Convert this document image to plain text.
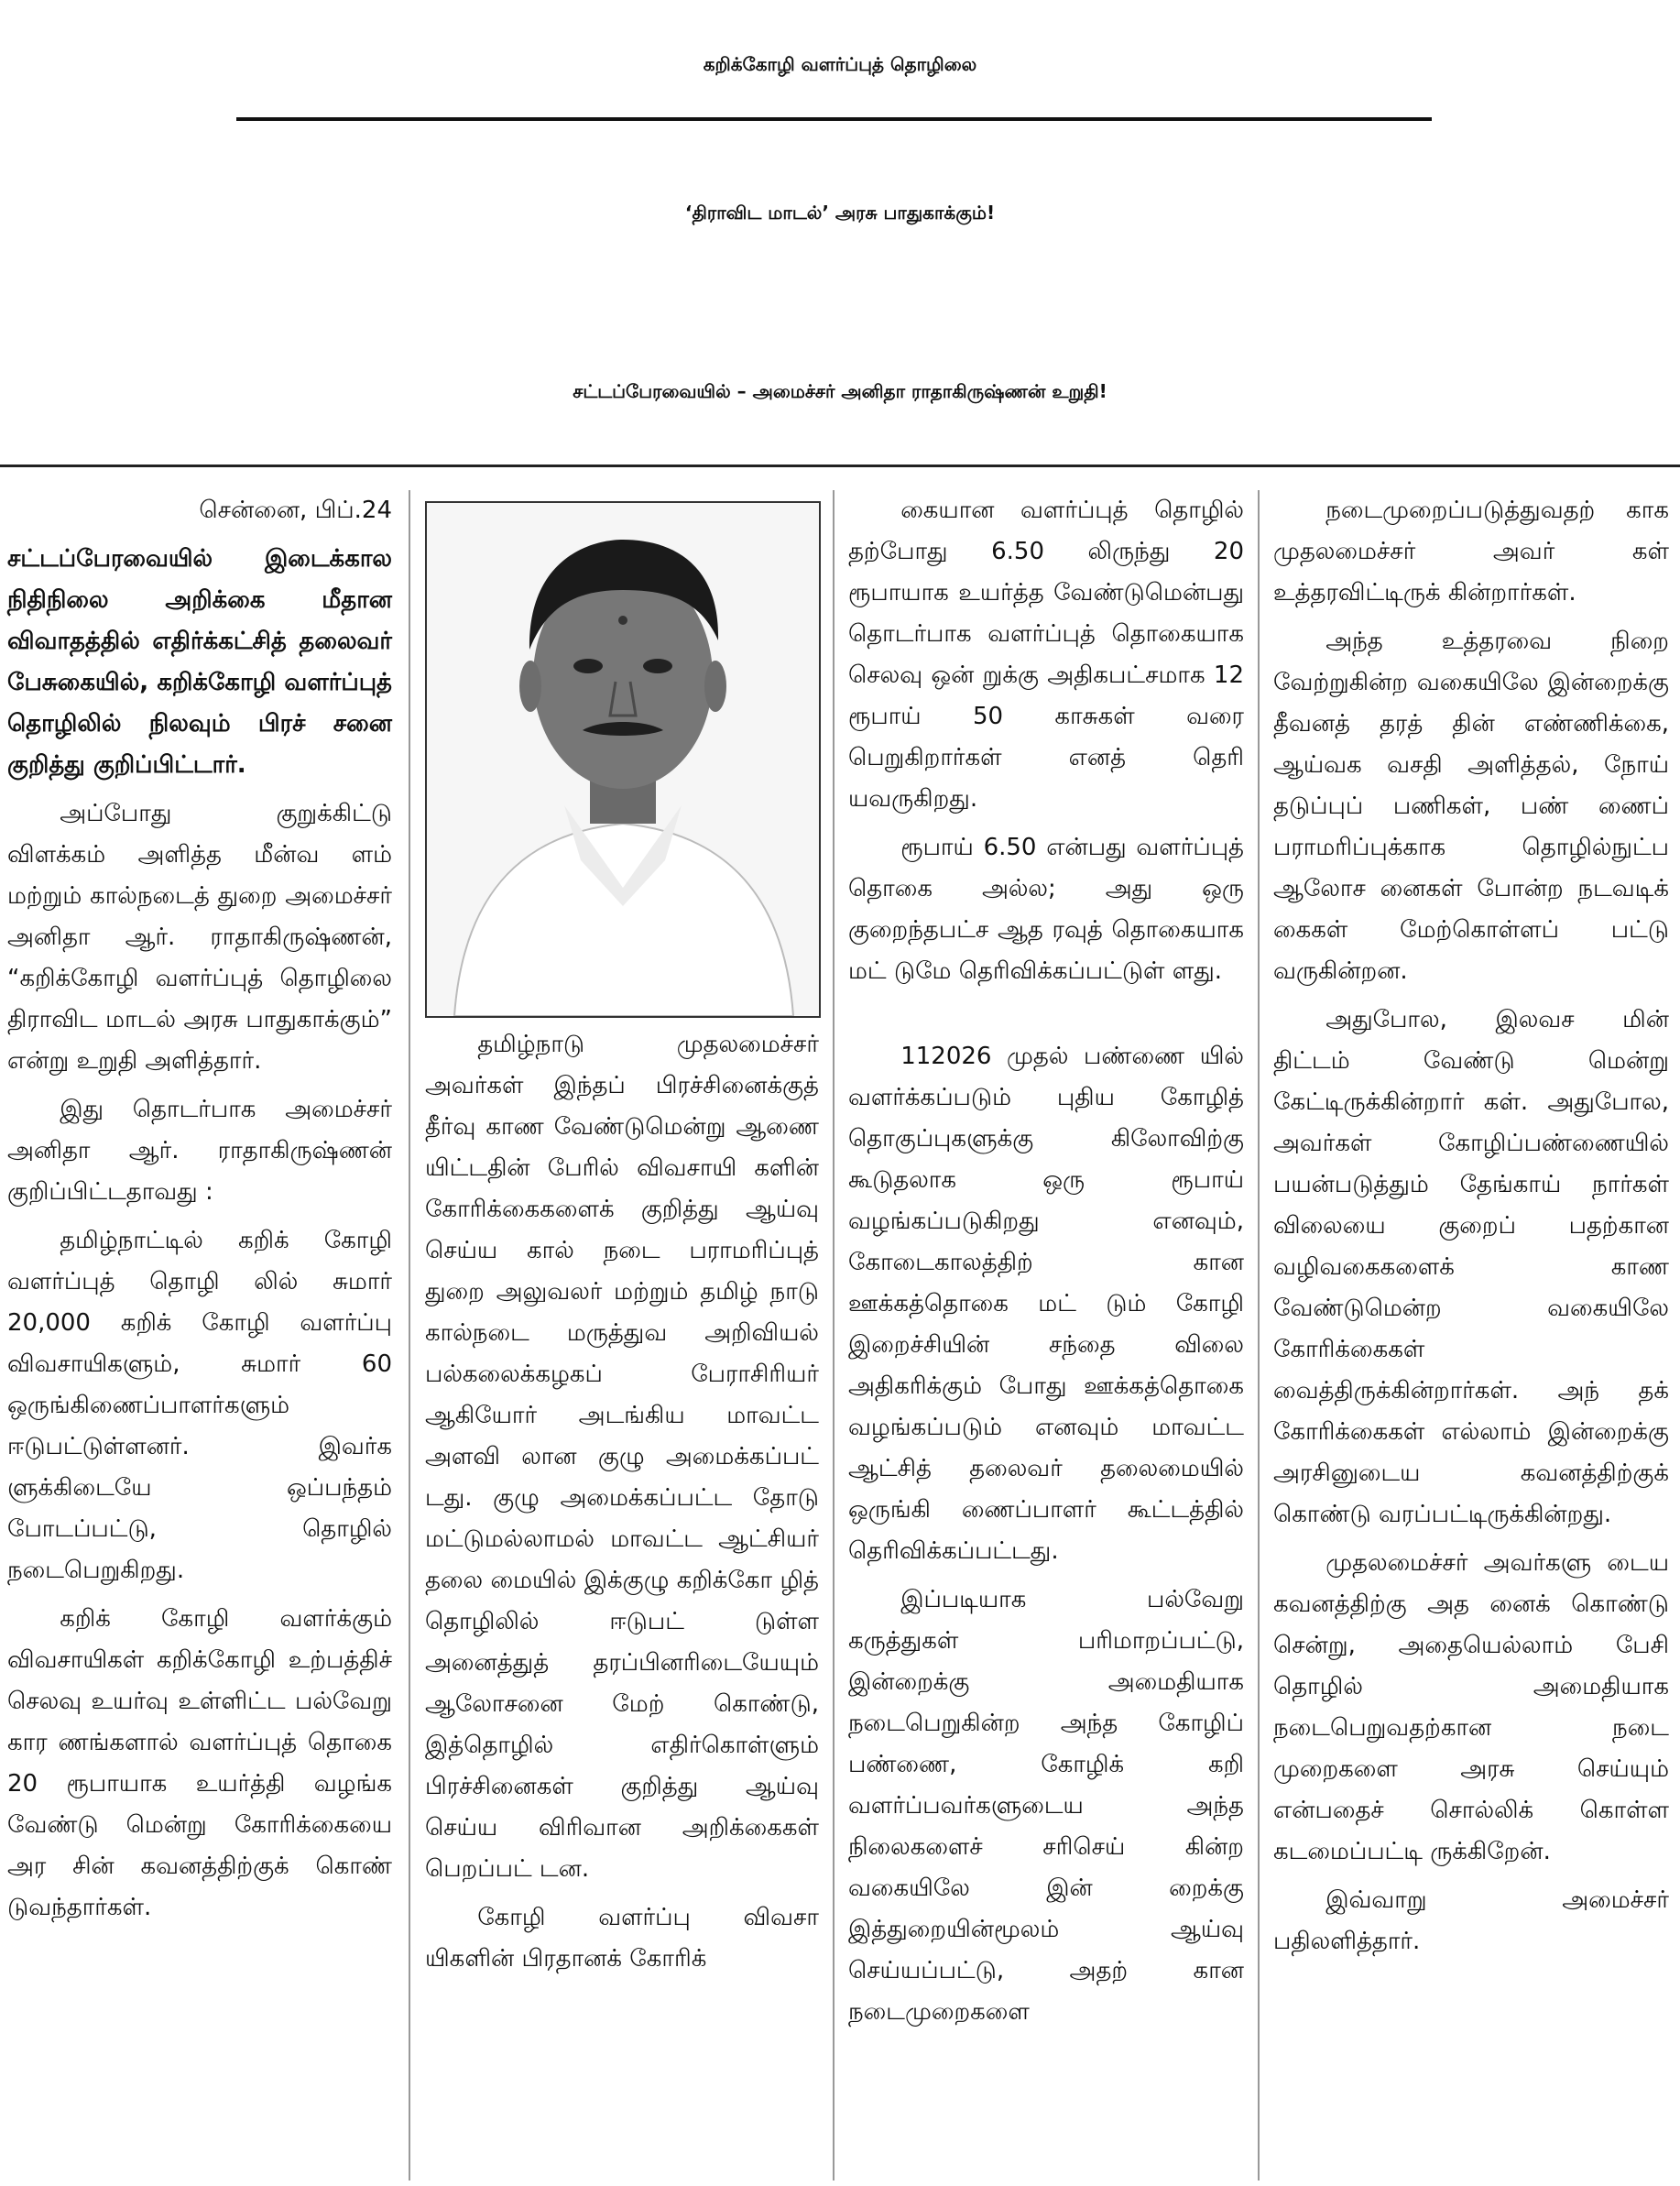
கறிக்கோழி வளர்ப்புத் தொழிலை
‘திராவிட மாடல்’ அரசு பாதுகாக்கும்!
சட்டப்பேரவையில் – அமைச்சர் அனிதா ராதாகிருஷ்ணன் உறுதி!

சென்னை, பிப்.24

சட்டப்பேரவையில் இடைக்கால நிதிநிலை அறிக்கை மீதான விவாதத்தில் எதிர்க்கட்சித் தலைவர் பேசுகையில், கறிக்கோழி வளர்ப்புத் தொழிலில் நிலவும் பிரச் சனை குறித்து குறிப்பிட்டார்.

அப்போது குறுக்கிட்டு விளக்கம் அளித்த மீன்வ ளம் மற்றும் கால்நடைத் துறை அமைச்சர் அனிதா ஆர். ராதாகிருஷ்ணன், “கறிக்கோழி வளர்ப்புத் தொழிலை திராவிட மாடல் அரசு பாதுகாக்கும்” என்று உறுதி அளித்தார்.

இது தொடர்பாக அமைச்சர் அனிதா ஆர். ராதாகிருஷ்ணன் குறிப்பிட்டதாவது :

தமிழ்நாட்டில் கறிக் கோழி வளர்ப்புத் தொழி லில் சுமார் 20,000 கறிக் கோழி வளர்ப்பு விவசாயிகளும், சுமார் 60 ஒருங்கிணைப்பாளர்களும் ஈடுபட்டுள்ளனர். இவர்க ளுக்கிடையே ஒப்பந்தம் போடப்பட்டு, தொழில் நடைபெறுகிறது.

கறிக் கோழி வளர்க்கும் விவசாயிகள் கறிக்கோழி உற்பத்திச் செலவு உயர்வு உள்ளிட்ட பல்வேறு கார ணங்களால் வளர்ப்புத் தொகை 20 ரூபாயாக உயர்த்தி வழங்க வேண்டு மென்று கோரிக்கையை அர சின் கவனத்திற்குக் கொண் டுவந்தார்கள்.

தமிழ்நாடு முதலமைச்சர் அவர்கள் இந்தப் பிரச்சினைக்குத் தீர்வு காண வேண்டுமென்று ஆணை யிட்டதின் பேரில் விவசாயி களின் கோரிக்கைகளைக் குறித்து ஆய்வு செய்ய கால் நடை பராமரிப்புத் துறை அலுவலர் மற்றும் தமிழ் நாடு கால்நடை மருத்துவ அறிவியல் பல்கலைக்கழகப் பேராசிரியர் ஆகியோர் அடங்கிய மாவட்ட அளவி லான குழு அமைக்கப்பட் டது. குழு அமைக்கப்பட்ட தோடு மட்டுமல்லாமல் மாவட்ட ஆட்சியர் தலை மையில் இக்குழு கறிக்கோ ழித் தொழிலில் ஈடுபட் டுள்ள அனைத்துத் தரப்பினரிடையேயும் ஆலோசனை மேற் கொண்டு, இத்தொழில் எதிர்கொள்ளும் பிரச்சினைகள் குறித்து ஆய்வு செய்ய விரிவான அறிக்கைகள் பெறப்பட் டன.

கோழி வளர்ப்பு விவசா யிகளின் பிரதானக் கோரிக்

கையான வளர்ப்புத் தொழில் தற்போது 6.50 லிருந்து 20 ரூபாயாக உயர்த்த வேண்டுமென்பது தொடர்பாக வளர்ப்புத் தொகையாக செலவு ஒன் றுக்கு அதிகபட்சமாக 12 ரூபாய் 50 காசுகள் வரை பெறுகிறார்கள் எனத் தெரி யவருகிறது.

ரூபாய் 6.50 என்பது வளர்ப்புத் தொகை அல்ல; அது ஒரு குறைந்தபட்ச ஆத ரவுத் தொகையாக மட் டுமே தெரிவிக்கப்பட்டுள் ளது.

112026 முதல் பண்ணை யில் வளர்க்கப்படும் புதிய கோழித் தொகுப்புகளுக்கு கிலோவிற்கு கூடுதலாக ஒரு ரூபாய் வழங்கப்படுகிறது எனவும், கோடைகாலத்திற் கான ஊக்கத்தொகை மட் டும் கோழி இறைச்சியின் சந்தை விலை அதிகரிக்கும் போது ஊக்கத்தொகை வழங்கப்படும் எனவும் மாவட்ட ஆட்சித் தலைவர் தலைமையில் ஒருங்கி ணைப்பாளர் கூட்டத்தில் தெரிவிக்கப்பட்டது.

இப்படியாக பல்வேறு கருத்துகள் பரிமாறப்பட்டு, இன்றைக்கு அமைதியாக நடைபெறுகின்ற அந்த கோழிப் பண்ணை, கோழிக் கறி வளர்ப்பவர்களுடைய அந்த நிலைகளைச் சரிசெய் கின்ற வகையிலே இன் றைக்கு இத்துறையின்மூலம் ஆய்வு செய்யப்பட்டு, அதற் கான நடைமுறைகளை

நடைமுறைப்படுத்துவதற் காக முதலமைச்சர் அவர் கள் உத்தரவிட்டிருக் கின்றார்கள்.

அந்த உத்தரவை நிறை வேற்றுகின்ற வகையிலே இன்றைக்கு தீவனத் தரத் தின் எண்ணிக்கை, ஆய்வக வசதி அளித்தல், நோய் தடுப்புப் பணிகள், பண் ணைப் பராமரிப்புக்காக தொழில்நுட்ப ஆலோச னைகள் போன்ற நடவடிக் கைகள் மேற்கொள்ளப் பட்டு வருகின்றன.

அதுபோல, இலவச மின் திட்டம் வேண்டு மென்று கேட்டிருக்கின்றார் கள். அதுபோல, அவர்கள் கோழிப்பண்ணையில் பயன்படுத்தும் தேங்காய் நார்கள் விலையை குறைப் பதற்கான வழிவகைகளைக் காண வேண்டுமென்ற வகையிலே கோரிக்கைகள் வைத்திருக்கின்றார்கள். அந் தக் கோரிக்கைகள் எல்லாம் இன்றைக்கு அரசினுடைய கவனத்திற்குக் கொண்டு வரப்பட்டிருக்கின்றது.

முதலமைச்சர் அவர்களு டைய கவனத்திற்கு அத னைக் கொண்டு சென்று, அதையெல்லாம் பேசி தொழில் அமைதியாக நடைபெறுவதற்கான நடை முறைகளை அரசு செய்யும் என்பதைச் சொல்லிக் கொள்ள கடமைப்பட்டி ருக்கிறேன்.

இவ்வாறு அமைச்சர் பதிலளித்தார்.
